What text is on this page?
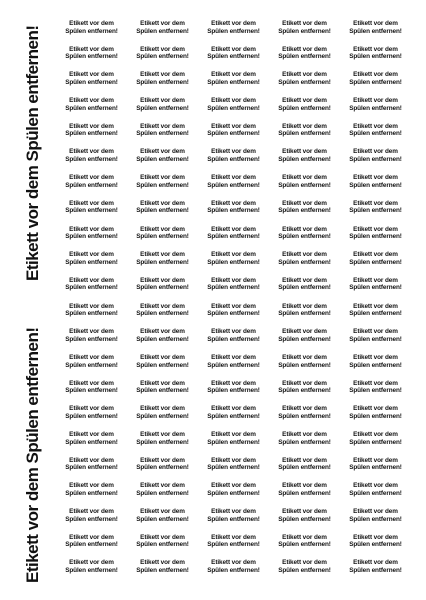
Etikett vor dem Spülen entfernen!
Etikett vor dem Spülen entfernen!
Etikett vor dem
Spülen entfernen!
Etikett vor dem
Spülen entfernen!
Etikett vor dem
Spülen entfernen!
Etikett vor dem
Spülen entfernen!
Etikett vor dem
Spülen entfernen!
Etikett vor dem
Spülen entfernen!
Etikett vor dem
Spülen entfernen!
Etikett vor dem
Spülen entfernen!
Etikett vor dem
Spülen entfernen!
Etikett vor dem
Spülen entfernen!
Etikett vor dem
Spülen entfernen!
Etikett vor dem
Spülen entfernen!
Etikett vor dem
Spülen entfernen!
Etikett vor dem
Spülen entfernen!
Etikett vor dem
Spülen entfernen!
Etikett vor dem
Spülen entfernen!
Etikett vor dem
Spülen entfernen!
Etikett vor dem
Spülen entfernen!
Etikett vor dem
Spülen entfernen!
Etikett vor dem
Spülen entfernen!
Etikett vor dem
Spülen entfernen!
Etikett vor dem
Spülen entfernen!
Etikett vor dem
Spülen entfernen!
Etikett vor dem
Spülen entfernen!
Etikett vor dem
Spülen entfernen!
Etikett vor dem
Spülen entfernen!
Etikett vor dem
Spülen entfernen!
Etikett vor dem
Spülen entfernen!
Etikett vor dem
Spülen entfernen!
Etikett vor dem
Spülen entfernen!
Etikett vor dem
Spülen entfernen!
Etikett vor dem
Spülen entfernen!
Etikett vor dem
Spülen entfernen!
Etikett vor dem
Spülen entfernen!
Etikett vor dem
Spülen entfernen!
Etikett vor dem
Spülen entfernen!
Etikett vor dem
Spülen entfernen!
Etikett vor dem
Spülen entfernen!
Etikett vor dem
Spülen entfernen!
Etikett vor dem
Spülen entfernen!
Etikett vor dem
Spülen entfernen!
Etikett vor dem
Spülen entfernen!
Etikett vor dem
Spülen entfernen!
Etikett vor dem
Spülen entfernen!
Etikett vor dem
Spülen entfernen!
Etikett vor dem
Spülen entfernen!
Etikett vor dem
Spülen entfernen!
Etikett vor dem
Spülen entfernen!
Etikett vor dem
Spülen entfernen!
Etikett vor dem
Spülen entfernen!
Etikett vor dem
Spülen entfernen!
Etikett vor dem
Spülen entfernen!
Etikett vor dem
Spülen entfernen!
Etikett vor dem
Spülen entfernen!
Etikett vor dem
Spülen entfernen!
Etikett vor dem
Spülen entfernen!
Etikett vor dem
Spülen entfernen!
Etikett vor dem
Spülen entfernen!
Etikett vor dem
Spülen entfernen!
Etikett vor dem
Spülen entfernen!
Etikett vor dem
Spülen entfernen!
Etikett vor dem
Spülen entfernen!
Etikett vor dem
Spülen entfernen!
Etikett vor dem
Spülen entfernen!
Etikett vor dem
Spülen entfernen!
Etikett vor dem
Spülen entfernen!
Etikett vor dem
Spülen entfernen!
Etikett vor dem
Spülen entfernen!
Etikett vor dem
Spülen entfernen!
Etikett vor dem
Spülen entfernen!
Etikett vor dem
Spülen entfernen!
Etikett vor dem
Spülen entfernen!
Etikett vor dem
Spülen entfernen!
Etikett vor dem
Spülen entfernen!
Etikett vor dem
Spülen entfernen!
Etikett vor dem
Spülen entfernen!
Etikett vor dem
Spülen entfernen!
Etikett vor dem
Spülen entfernen!
Etikett vor dem
Spülen entfernen!
Etikett vor dem
Spülen entfernen!
Etikett vor dem
Spülen entfernen!
Etikett vor dem
Spülen entfernen!
Etikett vor dem
Spülen entfernen!
Etikett vor dem
Spülen entfernen!
Etikett vor dem
Spülen entfernen!
Etikett vor dem
Spülen entfernen!
Etikett vor dem
Spülen entfernen!
Etikett vor dem
Spülen entfernen!
Etikett vor dem
Spülen entfernen!
Etikett vor dem
Spülen entfernen!
Etikett vor dem
Spülen entfernen!
Etikett vor dem
Spülen entfernen!
Etikett vor dem
Spülen entfernen!
Etikett vor dem
Spülen entfernen!
Etikett vor dem
Spülen entfernen!
Etikett vor dem
Spülen entfernen!
Etikett vor dem
Spülen entfernen!
Etikett vor dem
Spülen entfernen!
Etikett vor dem
Spülen entfernen!
Etikett vor dem
Spülen entfernen!
Etikett vor dem
Spülen entfernen!
Etikett vor dem
Spülen entfernen!
Etikett vor dem
Spülen entfernen!
Etikett vor dem
Spülen entfernen!
Etikett vor dem
Spülen entfernen!
Etikett vor dem
Spülen entfernen!
Etikett vor dem
Spülen entfernen!
Etikett vor dem
Spülen entfernen!
Etikett vor dem
Spülen entfernen!
Etikett vor dem
Spülen entfernen!
